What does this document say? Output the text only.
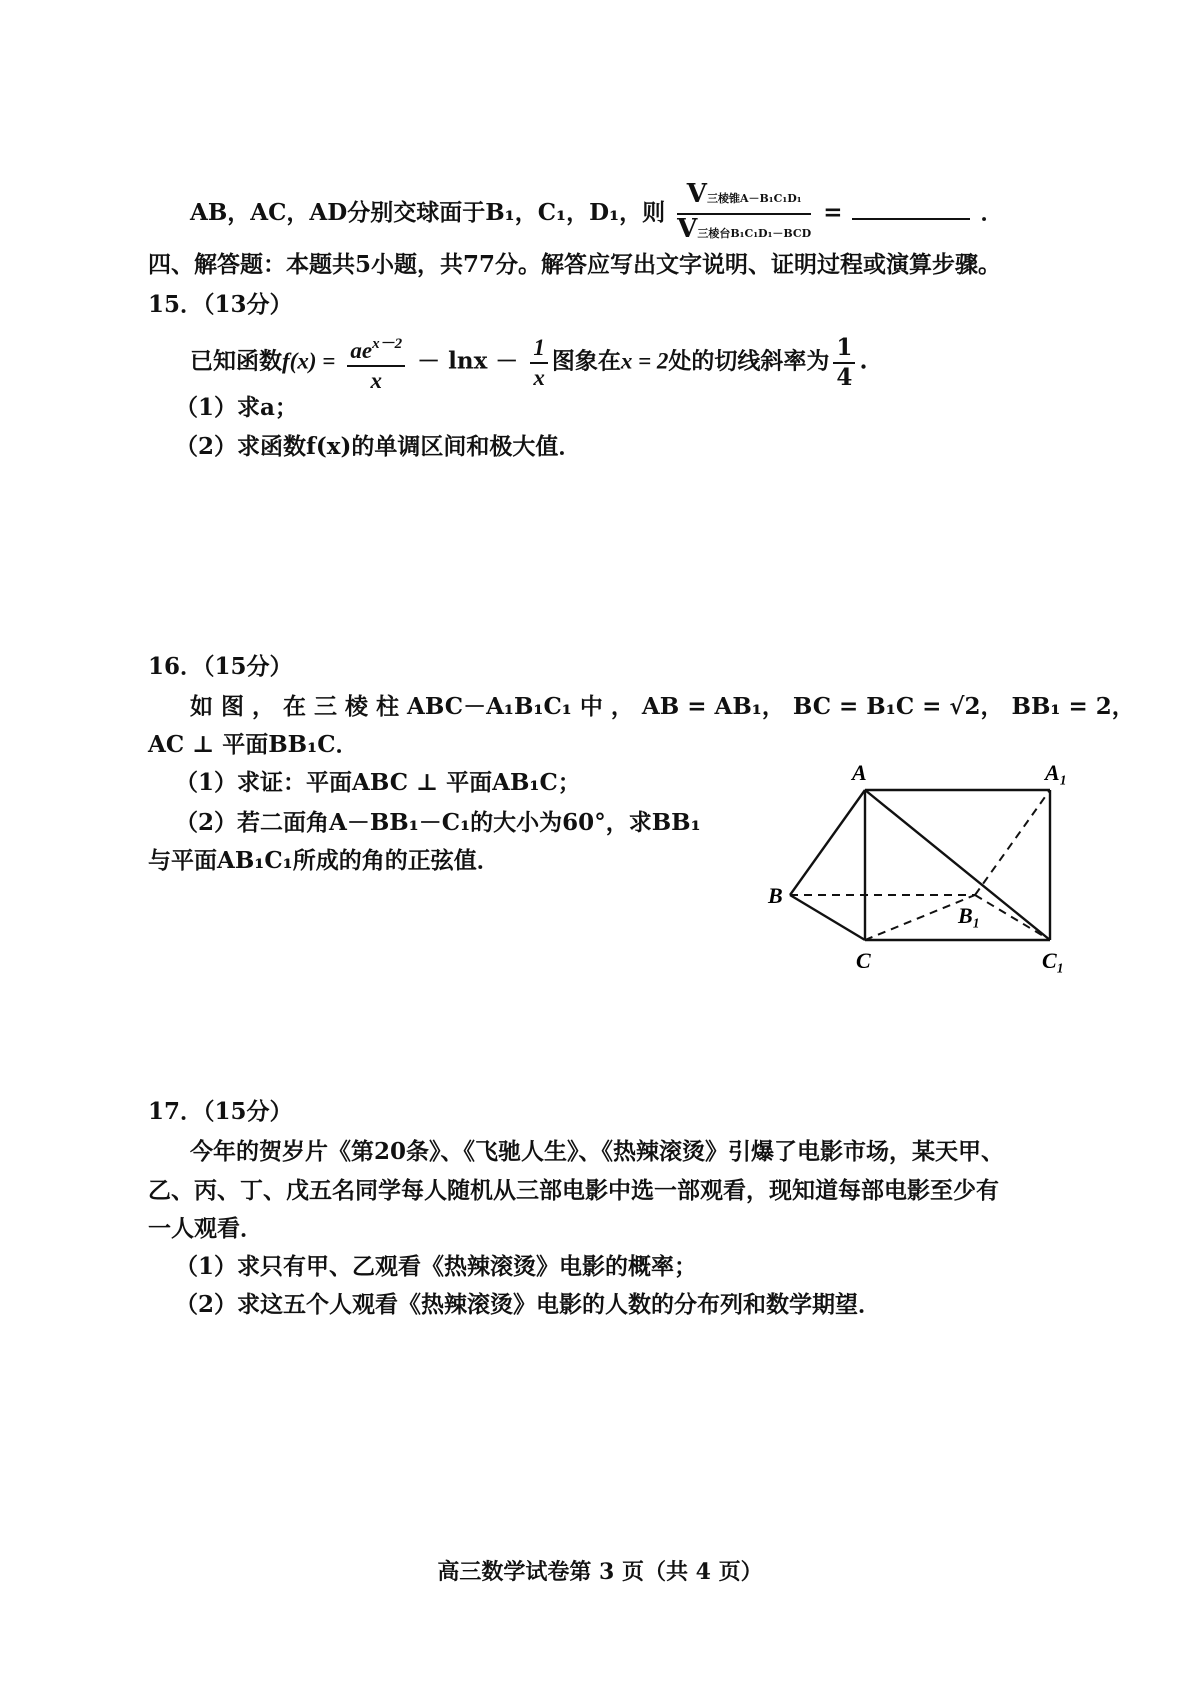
AB，AC，AD分别交球面于B₁，C₁，D₁，则 $\frac{\text{V三棱锥A－B₁C₁D₁}}{\text{V三棱台B₁C₁D₁－BCD}}$ =	．
四、解答题：本题共5小题，共77分。解答应写出文字说明、证明过程或演算步骤。
15．（13分）
已知函数$f(x) = \frac{ae^{x-2}}{x} - \ln x - \frac{1}{x}$ 图象在x = 2处的切线斜率为 $\frac{1}{4}$ .
（1）求a；
（2）求函数f(x)的单调区间和极大值．
16．（15分）
如 图 ， 在 三 棱 柱 ABC－A₁B₁C₁ 中 ， AB = AB₁， BC = B₁C = √2， BB₁ = 2，
AC ⊥ 平面BB₁C．
（1）求证：平面ABC ⊥ 平面AB₁C；
（2）若二面角A－BB₁－C₁的大小为60°，求BB₁
与平面AB₁C₁所成的角的正弦值．
A	A₁
B
B₁
C	C₁
17．（15分）
今年的贺岁片《第20条》、《飞驰人生》、《热辣滚烫》引爆了电影市场，某天甲、
乙、丙、丁、戊五名同学每人随机从三部电影中选一部观看，现知道每部电影至少有
一人观看．
（1）求只有甲、乙观看《热辣滚烫》电影的概率；
（2）求这五个人观看《热辣滚烫》电影的人数的分布列和数学期望．
高三数学试卷第 3 页（共 4 页）
